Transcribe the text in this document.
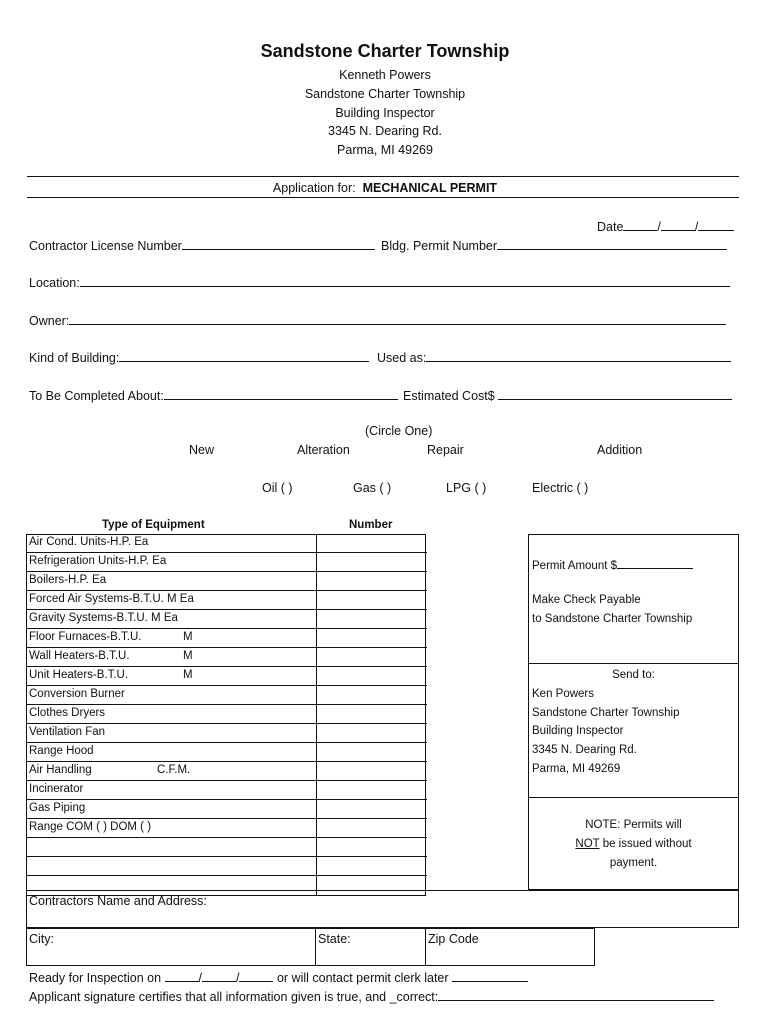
Sandstone Charter Township
Kenneth Powers
Sandstone Charter Township
Building Inspector
3345 N. Dearing Rd.
Parma, MI 49269
Application for: MECHANICAL PERMIT
Date	/	/
Contractor License Number	Bldg. Permit Number
Location:
Owner:
Kind of Building:	Used as:
To Be Completed About:	Estimated Cost$
(Circle One)
New	Alteration	Repair	Addition
Oil ( )	Gas ( )	LPG ( )	Electric ( )
Type of Equipment	Number
Air Cond. Units-H.P. Ea
Refrigeration Units-H.P. Ea
Boilers-H.P. Ea
Forced Air Systems-B.T.U. M Ea
Gravity Systems-B.T.U. M Ea
Floor Furnaces-B.T.U.	M
Wall Heaters-B.T.U.	M
Unit Heaters-B.T.U.	M
Conversion Burner
Clothes Dryers
Ventilation Fan
Range Hood
Air Handling	C.F.M.
Incinerator
Gas Piping
Range COM ( ) DOM ( )
Permit Amount $
Make Check Payable
to Sandstone Charter Township
Send to:
Ken Powers
Sandstone Charter Township
Building Inspector
3345 N. Dearing Rd.
Parma, MI 49269
NOTE: Permits will
NOT be issued without
payment.
Contractors Name and Address:
City:	State:	Zip Code
Ready for Inspection on	/	/	or will contact permit clerk later
Applicant signature certifies that all information given is true, and _correct:
